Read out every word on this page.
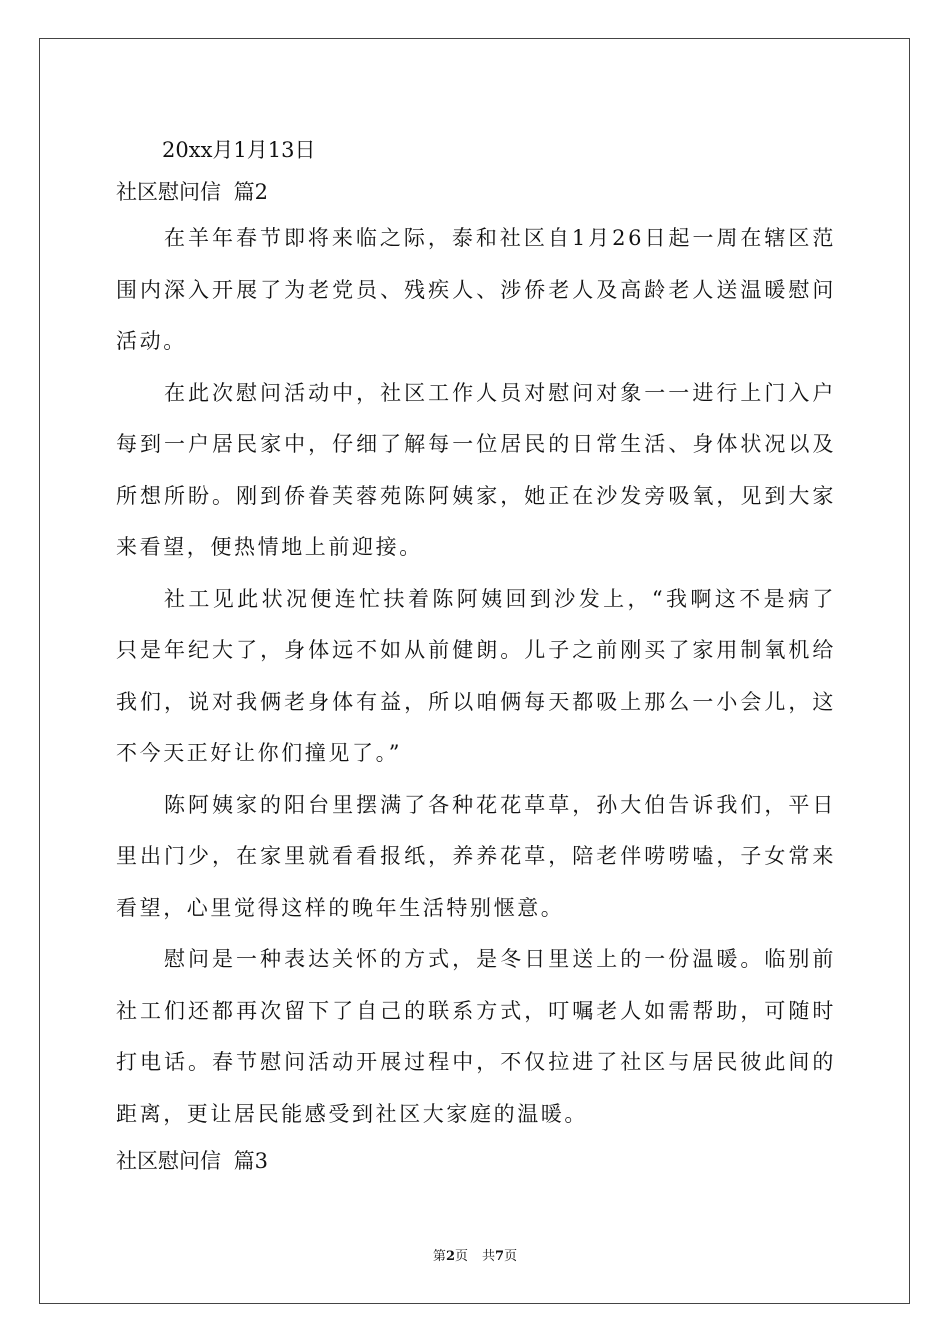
20xx月1月13日
社区慰问信 篇2

在羊年春节即将来临之际，泰和社区自1月26日起一周在辖区范围内深入开展了为老党员、残疾人、涉侨老人及高龄老人送温暖慰问活动。

在此次慰问活动中，社区工作人员对慰问对象一一进行上门入户每到一户居民家中，仔细了解每一位居民的日常生活、身体状况以及所想所盼。刚到侨眷芙蓉苑陈阿姨家，她正在沙发旁吸氧，见到大家来看望，便热情地上前迎接。

社工见此状况便连忙扶着陈阿姨回到沙发上，“我啊这不是病了只是年纪大了，身体远不如从前健朗。儿子之前刚买了家用制氧机给我们，说对我俩老身体有益，所以咱俩每天都吸上那么一小会儿，这不今天正好让你们撞见了。”

陈阿姨家的阳台里摆满了各种花花草草，孙大伯告诉我们，平日里出门少，在家里就看看报纸，养养花草，陪老伴唠唠嗑，子女常来看望，心里觉得这样的晚年生活特别惬意。

慰问是一种表达关怀的方式，是冬日里送上的一份温暖。临别前社工们还都再次留下了自己的联系方式，叮嘱老人如需帮助，可随时打电话。春节慰问活动开展过程中，不仅拉进了社区与居民彼此间的距离，更让居民能感受到社区大家庭的温暖。

社区慰问信 篇3
第2页 共7页
